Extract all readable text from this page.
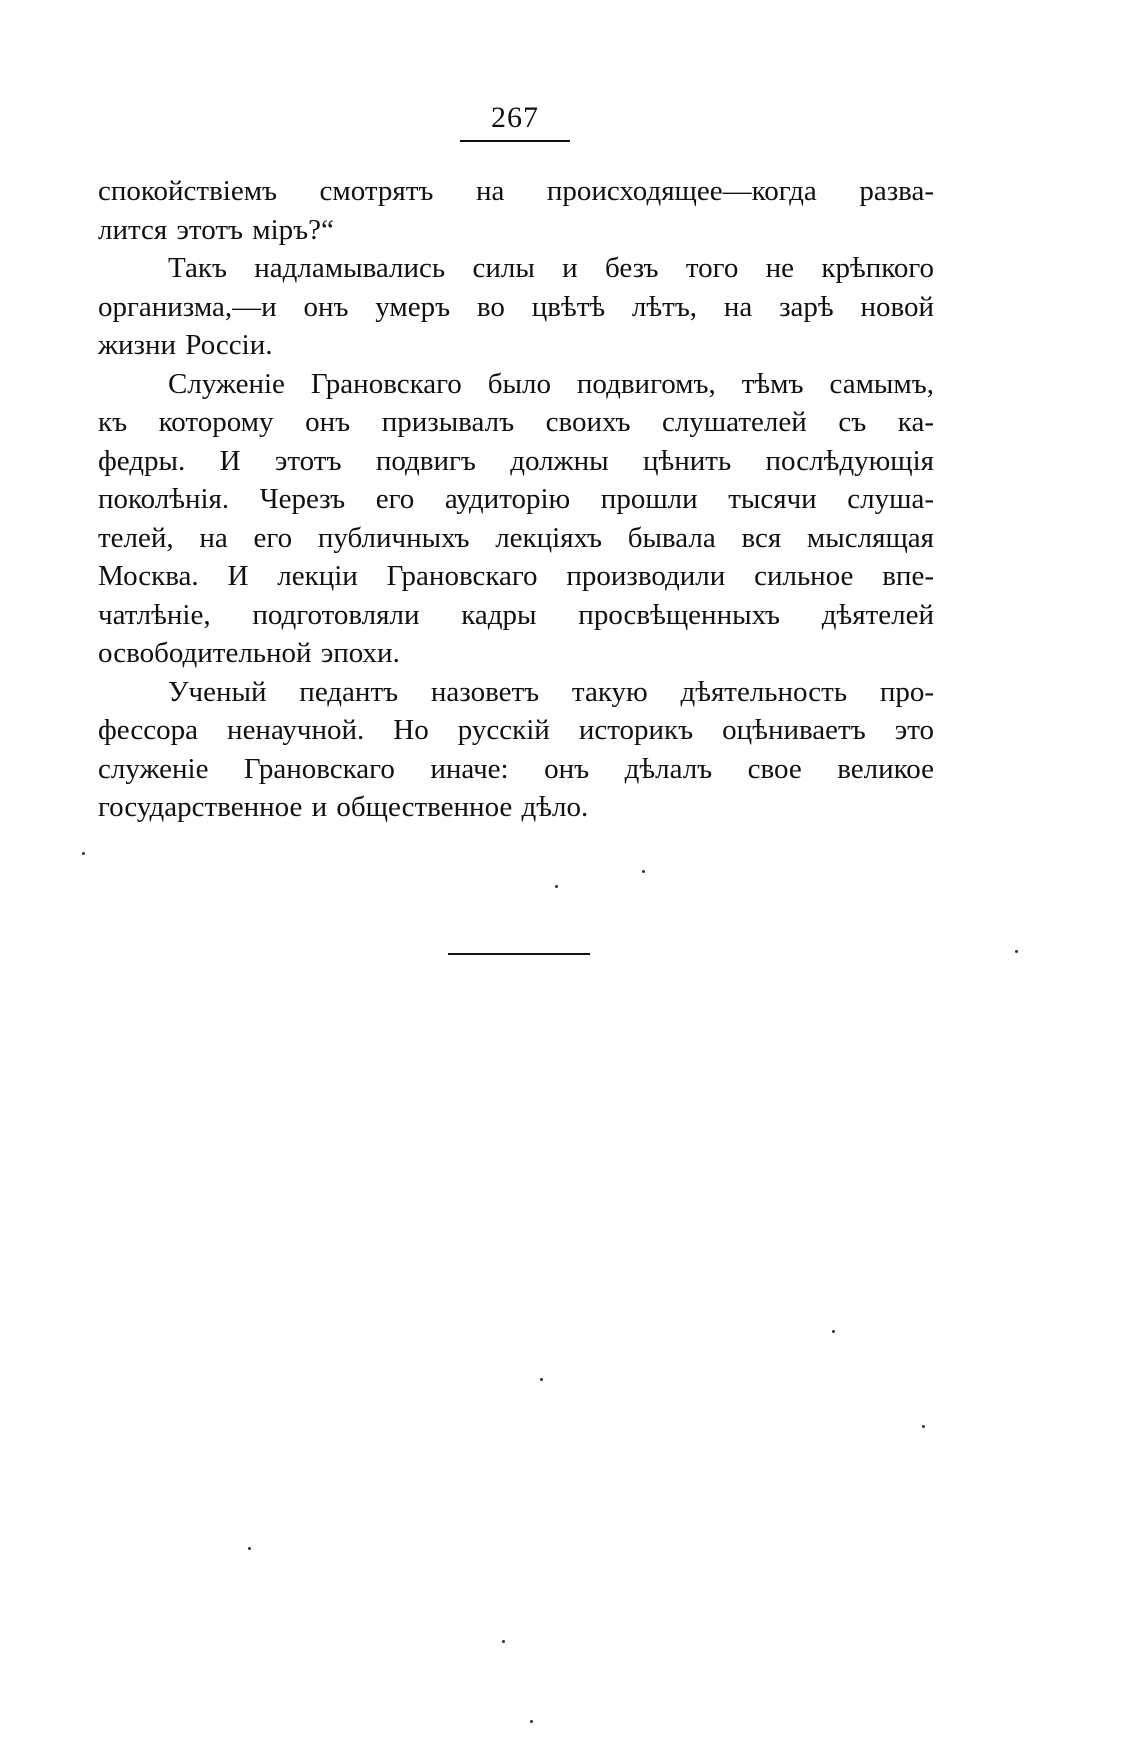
267
спокойствіемъ смотрятъ на происходящее—когда разва-
лится этотъ міръ?“
Такъ надламывались силы и безъ того не крѣпкого
организма,—и онъ умеръ во цвѣтѣ лѣтъ, на зарѣ новой
жизни Россіи.
Служеніе Грановскаго было подвигомъ, тѣмъ самымъ,
къ которому онъ призывалъ своихъ слушателей съ ка-
федры. И этотъ подвигъ должны цѣнить послѣдующія
поколѣнія. Черезъ его аудиторію прошли тысячи слуша-
телей, на его публичныхъ лекціяхъ бывала вся мыслящая
Москва. И лекціи Грановскаго производили сильное впе-
чатлѣніе, подготовляли кадры просвѣщенныхъ дѣятелей
освободительной эпохи.
Ученый педантъ назоветъ такую дѣятельность про-
фессора ненаучной. Но русскій историкъ оцѣниваетъ это
служеніе Грановскаго иначе: онъ дѣлалъ свое великое
государственное и общественное дѣло.
